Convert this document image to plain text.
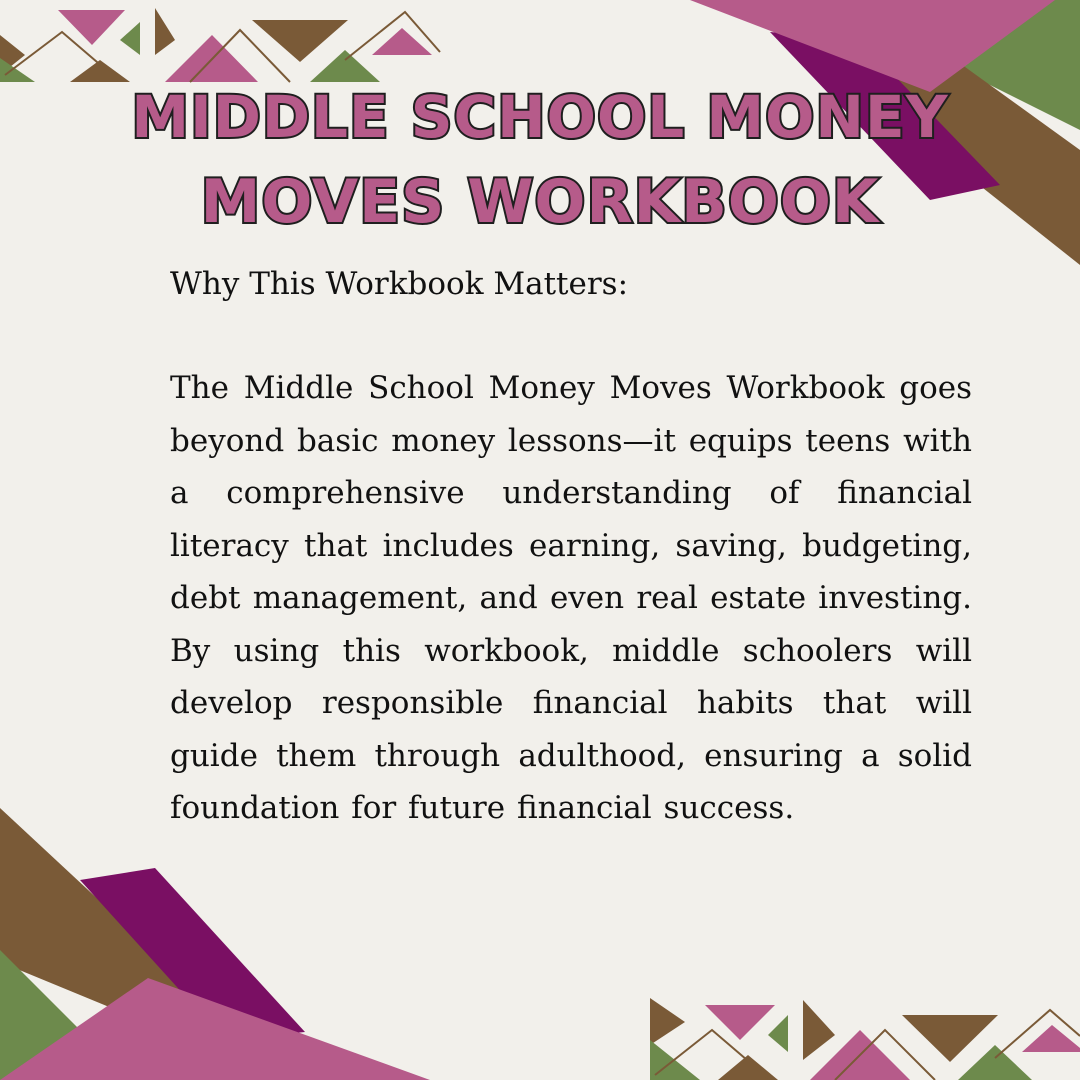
MIDDLE SCHOOL MONEY
MOVES WORKBOOK
Why This Workbook Matters:

The Middle School Money Moves Workbook goes beyond basic money lessons—it equips teens with a comprehensive understanding of financial literacy that includes earning, saving, budgeting, debt management, and even real estate investing. By using this workbook, middle schoolers will develop responsible financial habits that will guide them through adulthood, ensuring a solid foundation for future financial success.
